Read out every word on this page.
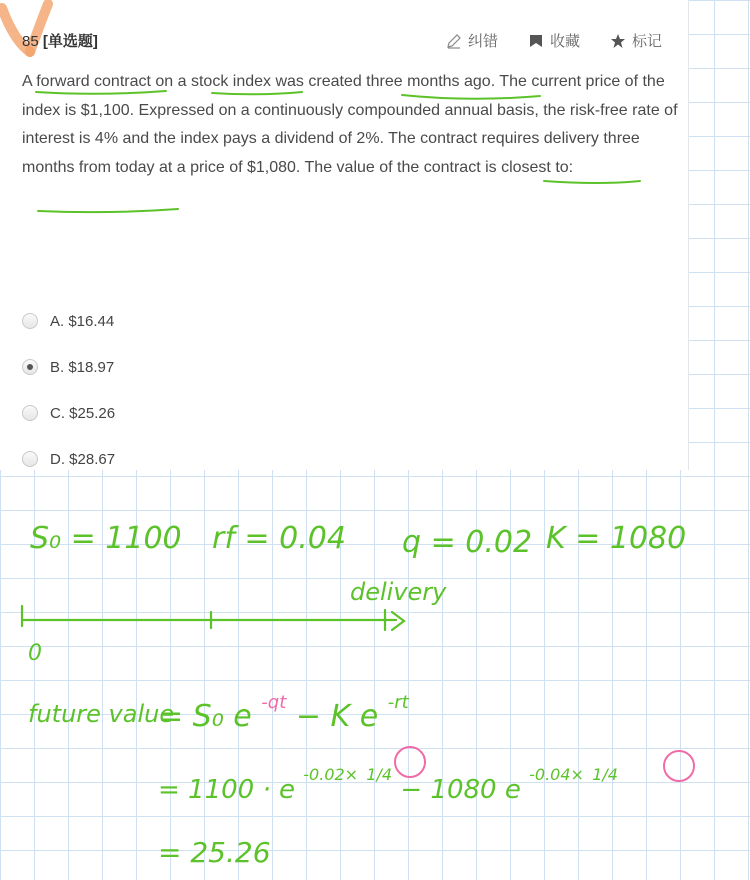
85 [单选题]	纠错	收藏	标记
A forward contract on a stock index was created three months ago. The current price of the index is $1,100. Expressed on a continuously compounded annual basis, the risk-free rate of interest is 4% and the index pays a dividend of 2%. The contract requires delivery three months from today at a price of $1,080. The value of the contract is closest to:
A. $16.44
B. $18.97
C. $25.26
D. $28.67
S₀ = 1100 rf = 0.04 q = 0.02 K = 1080
delivery
0
future value
= S₀ e $^{-qt}$ − K e $^{-rt}$
= 1100 · e $^{-0.02\times}$ 1/4 − 1080 e $^{-0.04\times}$ 1/4
= 25.26
